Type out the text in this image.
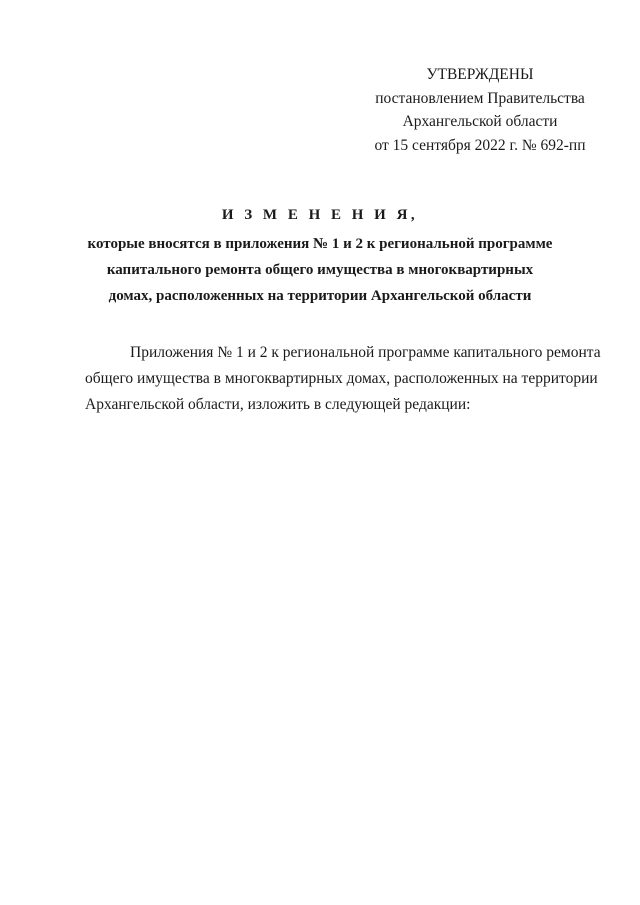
УТВЕРЖДЕНЫ
постановлением Правительства
Архангельской области
от 15 сентября 2022 г. № 692-пп
И З М Е Н Е Н И Я,
которые вносятся в приложения № 1 и 2 к региональной программе
капитального ремонта общего имущества в многоквартирных
домах, расположенных на территории Архангельской области
Приложения № 1 и 2 к региональной программе капитального ремонта
общего имущества в многоквартирных домах, расположенных на территории
Архангельской области, изложить в следующей редакции:
